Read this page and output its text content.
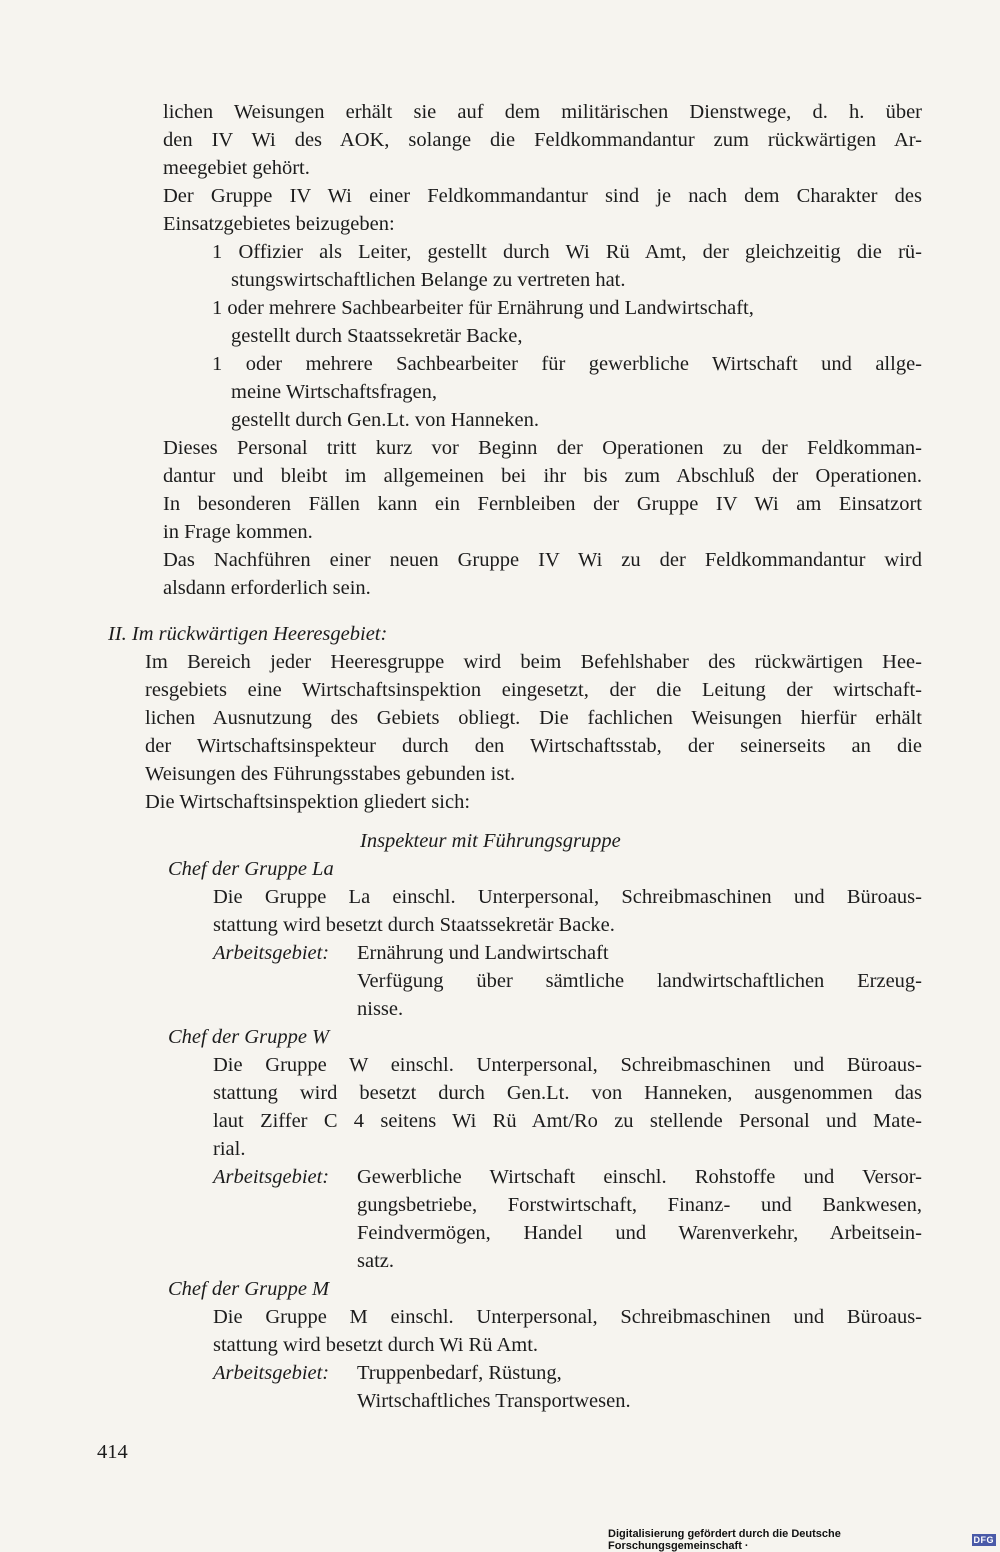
lichen Weisungen erhält sie auf dem militärischen Dienstwege, d. h. über
den IV Wi des AOK, solange die Feldkommandantur zum rückwärtigen Ar-
meegebiet gehört.
Der Gruppe IV Wi einer Feldkommandantur sind je nach dem Charakter des
Einsatzgebietes beizugeben:
1 Offizier als Leiter, gestellt durch Wi Rü Amt, der gleichzeitig die rü-
stungswirtschaftlichen Belange zu vertreten hat.
1 oder mehrere Sachbearbeiter für Ernährung und Landwirtschaft,
gestellt durch Staatssekretär Backe,
1 oder mehrere Sachbearbeiter für gewerbliche Wirtschaft und allge-
meine Wirtschaftsfragen,
gestellt durch Gen.Lt. von Hanneken.
Dieses Personal tritt kurz vor Beginn der Operationen zu der Feldkomman-
dantur und bleibt im allgemeinen bei ihr bis zum Abschluß der Operationen.
In besonderen Fällen kann ein Fernbleiben der Gruppe IV Wi am Einsatzort
in Frage kommen.
Das Nachführen einer neuen Gruppe IV Wi zu der Feldkommandantur wird
alsdann erforderlich sein.
II. Im rückwärtigen Heeresgebiet:
Im Bereich jeder Heeresgruppe wird beim Befehlshaber des rückwärtigen Hee-
resgebiets eine Wirtschaftsinspektion eingesetzt, der die Leitung der wirtschaft-
lichen Ausnutzung des Gebiets obliegt. Die fachlichen Weisungen hierfür erhält
der Wirtschaftsinspekteur durch den Wirtschaftsstab, der seinerseits an die
Weisungen des Führungsstabes gebunden ist.
Die Wirtschaftsinspektion gliedert sich:
Inspekteur mit Führungsgruppe
Chef der Gruppe La
Die Gruppe La einschl. Unterpersonal, Schreibmaschinen und Büroaus-
stattung wird besetzt durch Staatssekretär Backe.
Arbeitsgebiet: Ernährung und Landwirtschaft
Verfügung über sämtliche landwirtschaftlichen Erzeug-
nisse.
Chef der Gruppe W
Die Gruppe W einschl. Unterpersonal, Schreibmaschinen und Büroaus-
stattung wird besetzt durch Gen.Lt. von Hanneken, ausgenommen das
laut Ziffer C 4 seitens Wi Rü Amt/Ro zu stellende Personal und Mate-
rial.
Arbeitsgebiet: Gewerbliche Wirtschaft einschl. Rohstoffe und Versor-
gungsbetriebe, Forstwirtschaft, Finanz- und Bankwesen,
Feindvermögen, Handel und Warenverkehr, Arbeitsein-
satz.
Chef der Gruppe M
Die Gruppe M einschl. Unterpersonal, Schreibmaschinen und Büroaus-
stattung wird besetzt durch Wi Rü Amt.
Arbeitsgebiet: Truppenbedarf, Rüstung,
Wirtschaftliches Transportwesen.
414
Digitalisierung gefördert durch die Deutsche Forschungsgemeinschaft ·	DFG
